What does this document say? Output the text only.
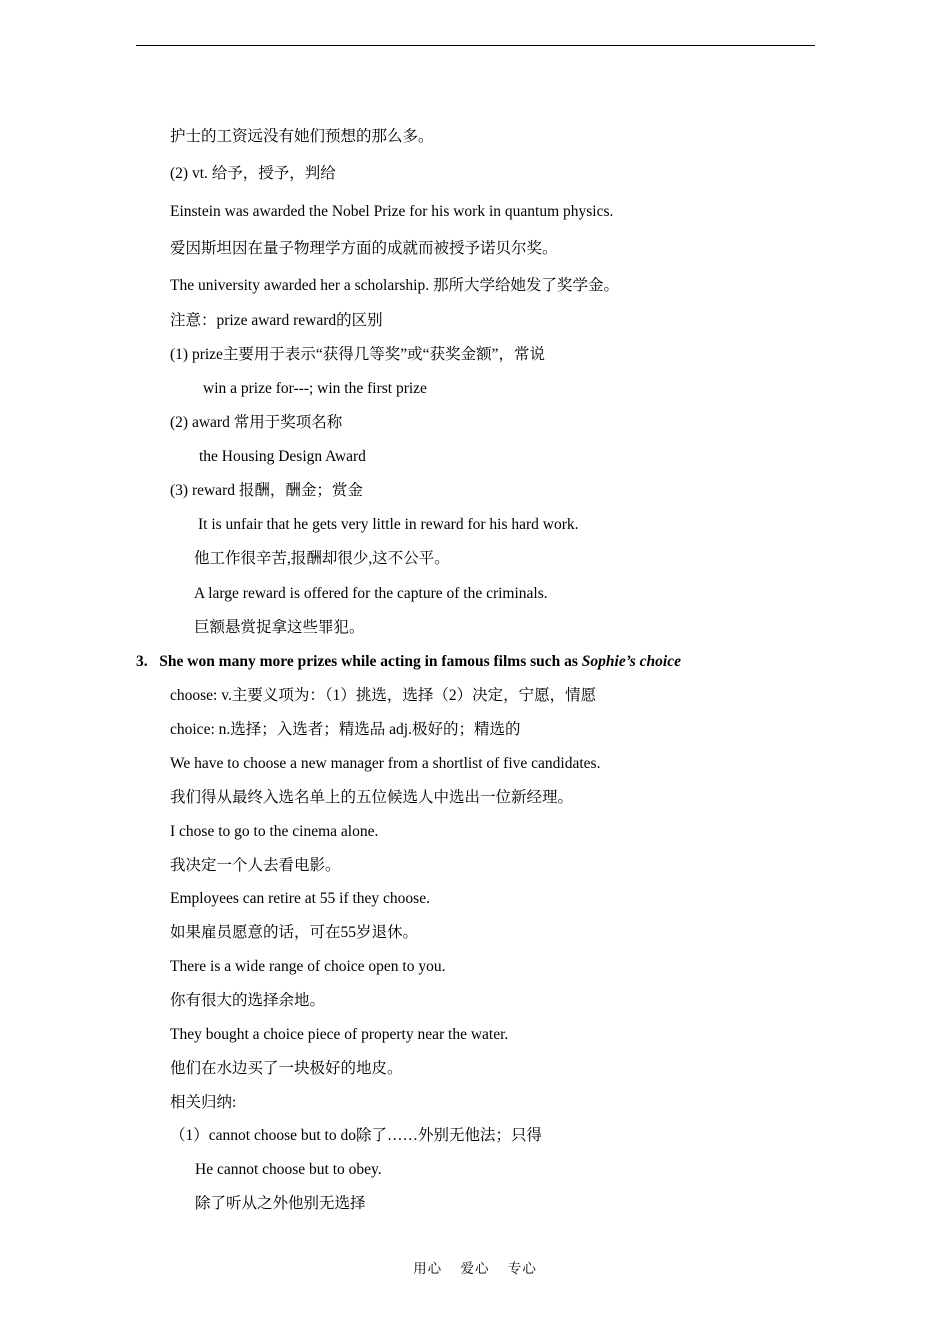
护士的工资远没有她们预想的那么多。
(2) vt. 给予，授予，判给
Einstein was awarded the Nobel Prize for his work in quantum physics.
爱因斯坦因在量子物理学方面的成就而被授予诺贝尔奖。
The university awarded her a scholarship. 那所大学给她发了奖学金。
注意：prize award reward的区别
(1) prize主要用于表示“获得几等奖”或“获奖金额”，常说
win a prize for---; win the first prize
(2) award 常用于奖项名称
the Housing Design Award
(3) reward 报酬，酬金；赏金
It is unfair that he gets very little in reward for his hard work.
他工作很辛苦,报酬却很少,这不公平。
A large reward is offered for the capture of the criminals.
巨额悬赏捉拿这些罪犯。
3. She won many more prizes while acting in famous films such as Sophie’s choice
choose: v.主要义项为：（1）挑选，选择（2）决定，宁愿，情愿
choice: n.选择；入选者；精选品 adj.极好的；精选的
We have to choose a new manager from a shortlist of five candidates.
我们得从最终入选名单上的五位候选人中选出一位新经理。
I chose to go to the cinema alone.
我决定一个人去看电影。
Employees can retire at 55 if they choose.
如果雇员愿意的话，可在55岁退休。
There is a wide range of choice open to you.
你有很大的选择余地。
They bought a choice piece of property near the water.
他们在水边买了一块极好的地皮。
相关归纳:
（1）cannot choose but to do除了……外别无他法；只得
He cannot choose but to obey.
除了听从之外他别无选择
用心 爱心 专心
